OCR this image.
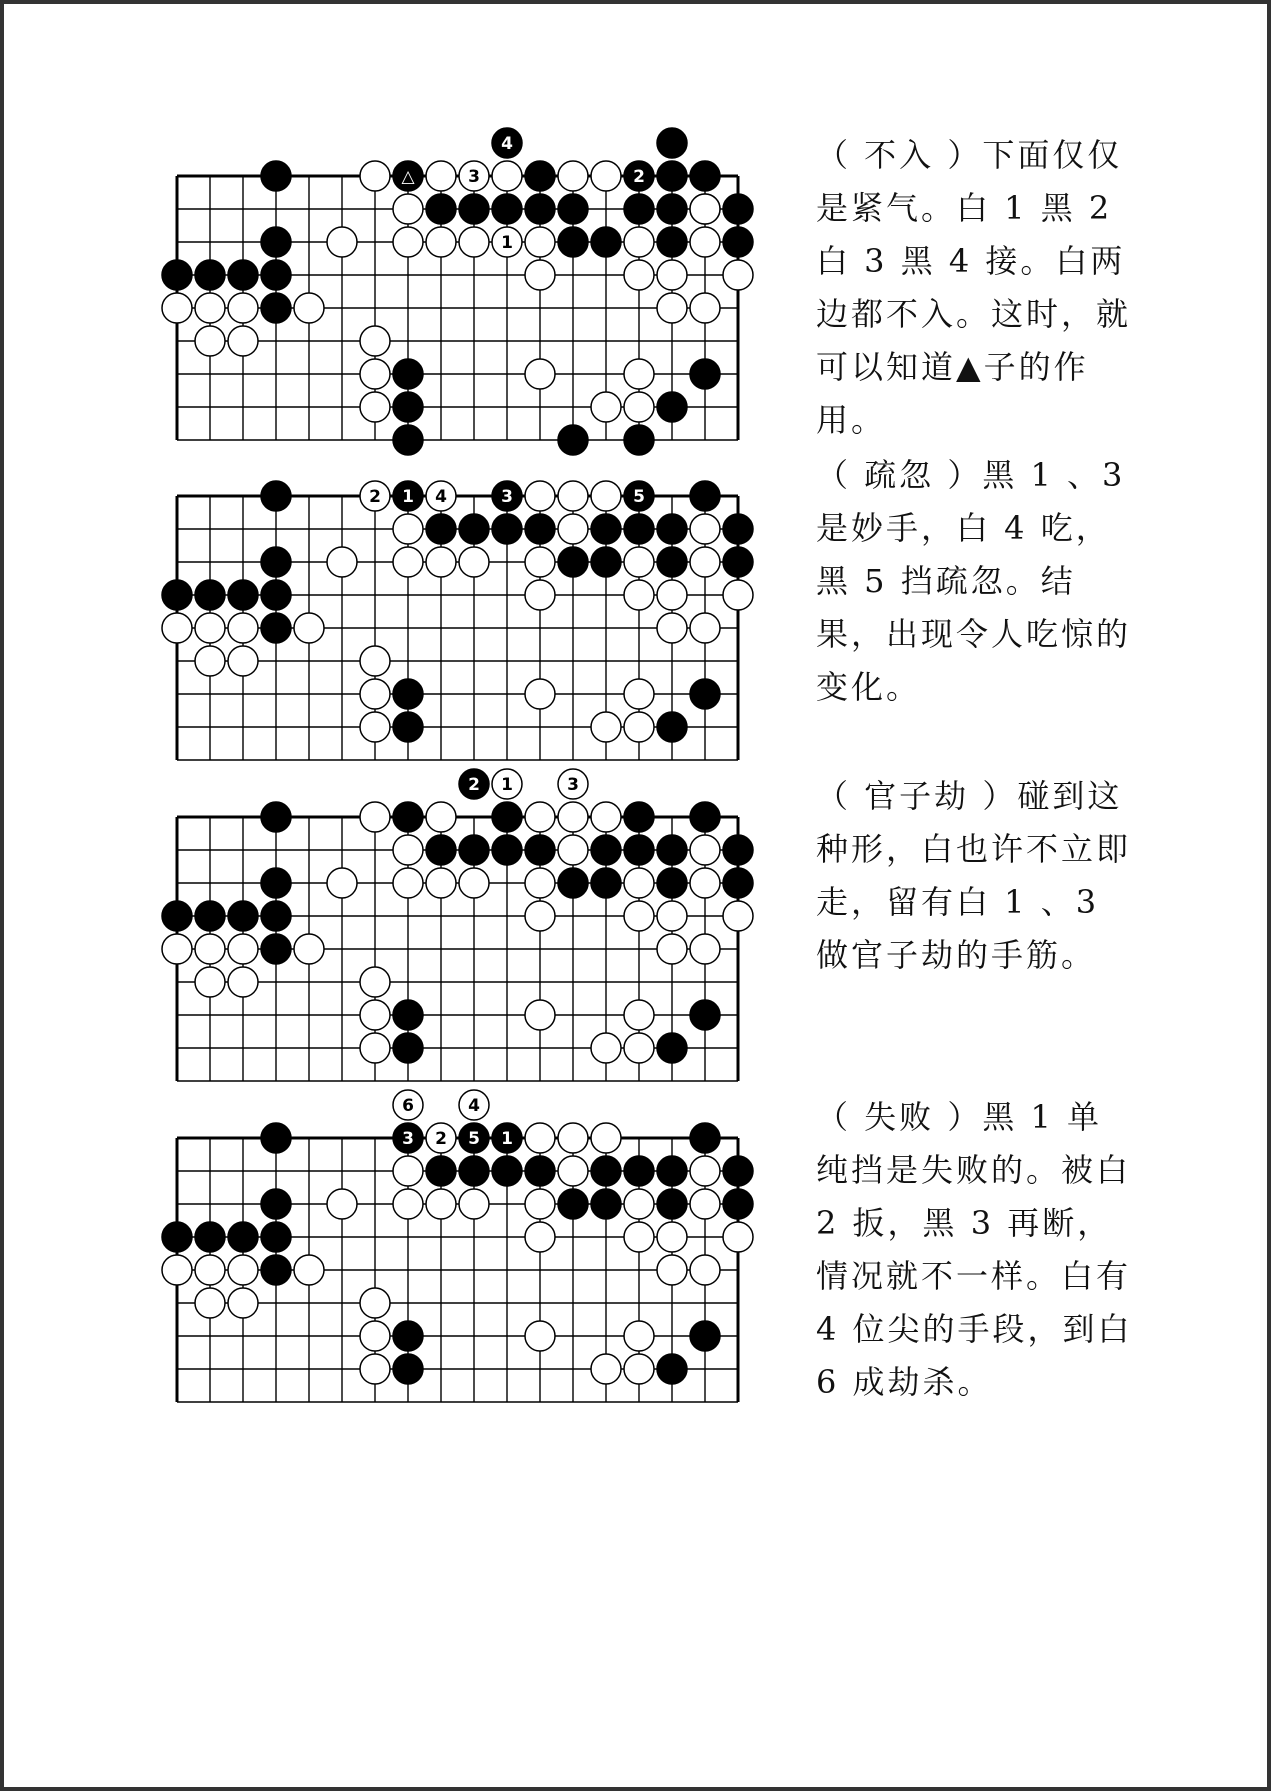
4
△	3	2
1
（ 不入 ）下面仅仅是紧气。白 1 黑 2 白 3 黑 4 接。白两边都不入。这时，就可以知道▲子的作用。
2 1 4	3	5
（ 疏忽 ）黑 1 、3 是妙手，白 4 吃，黑 5 挡疏忽。结果，出现令人吃惊的变化。
2 1	3	（ 官子劫 ）碰到这种形，白也许不立即走，留有白 1 、3 做官子劫的手筋。
6	4
3 2 5 1
（ 失败 ）黑 1 单纯挡是失败的。被白 2 扳，黑 3 再断，情况就不一样。白有 4 位尖的手段，到白 6 成劫杀。
